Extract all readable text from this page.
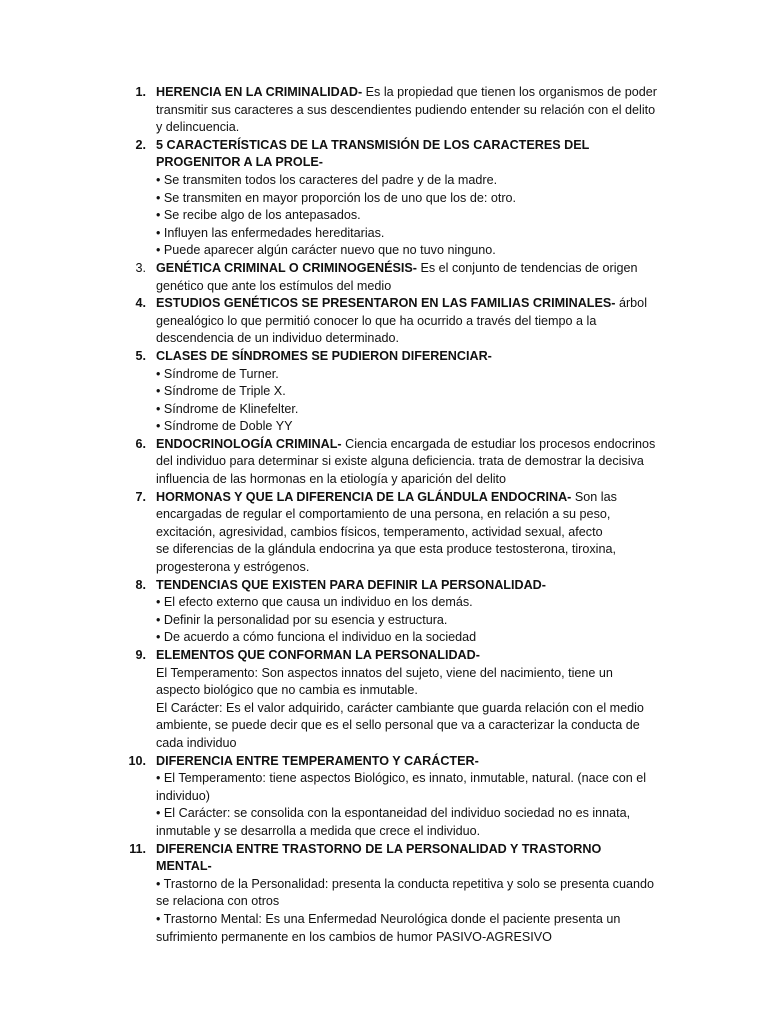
1. HERENCIA EN LA CRIMINALIDAD- Es la propiedad que tienen los organismos de poder transmitir sus caracteres a sus descendientes pudiendo entender su relación con el delito y delincuencia.
2. 5 CARACTERÍSTICAS DE LA TRANSMISIÓN DE LOS CARACTERES DEL PROGENITOR A LA PROLE-
• Se transmiten todos los caracteres del padre y de la madre.
• Se transmiten en mayor proporción los de uno que los de: otro.
• Se recibe algo de los antepasados.
• Influyen las enfermedades hereditarias.
• Puede aparecer algún carácter nuevo que no tuvo ninguno.
3. GENÉTICA CRIMINAL O CRIMINOGENÉSIS- Es el conjunto de tendencias de origen genético que ante los estímulos del medio
4. ESTUDIOS GENÉTICOS SE PRESENTARON EN LAS FAMILIAS CRIMINALES- árbol genealógico lo que permitió conocer lo que ha ocurrido a través del tiempo a la descendencia de un individuo determinado.
5. CLASES DE SÍNDROMES SE PUDIERON DIFERENCIAR-
• Síndrome de Turner.
• Síndrome de Triple X.
• Síndrome de Klinefelter.
• Síndrome de Doble YY
6. ENDOCRINOLOGÍA CRIMINAL- Ciencia encargada de estudiar los procesos endocrinos del individuo para determinar si existe alguna deficiencia. trata de demostrar la decisiva influencia de las hormonas en la etiología y aparición del delito
7. HORMONAS Y QUE LA DIFERENCIA DE LA GLÁNDULA ENDOCRINA- Son las encargadas de regular el comportamiento de una persona, en relación a su peso, excitación, agresividad, cambios físicos, temperamento, actividad sexual, afecto
se diferencias de la glándula endocrina ya que esta produce testosterona, tiroxina, progesterona y estrógenos.
8. TENDENCIAS QUE EXISTEN PARA DEFINIR LA PERSONALIDAD-
• El efecto externo que causa un individuo en los demás.
• Definir la personalidad por su esencia y estructura.
• De acuerdo a cómo funciona el individuo en la sociedad
9. ELEMENTOS QUE CONFORMAN LA PERSONALIDAD-
El Temperamento: Son aspectos innatos del sujeto, viene del nacimiento, tiene un aspecto biológico que no cambia es inmutable.
El Carácter: Es el valor adquirido, carácter cambiante que guarda relación con el medio ambiente, se puede decir que es el sello personal que va a caracterizar la conducta de cada individuo
10. DIFERENCIA ENTRE TEMPERAMENTO Y CARÁCTER-
• El Temperamento: tiene aspectos Biológico, es innato, inmutable, natural. (nace con el individuo)
• El Carácter: se consolida con la espontaneidad del individuo sociedad no es innata, inmutable y se desarrolla a medida que crece el individuo.
11. DIFERENCIA ENTRE TRASTORNO DE LA PERSONALIDAD Y TRASTORNO MENTAL-
• Trastorno de la Personalidad: presenta la conducta repetitiva y solo se presenta cuando se relaciona con otros
• Trastorno Mental: Es una Enfermedad Neurológica donde el paciente presenta un sufrimiento permanente en los cambios de humor PASIVO-AGRESIVO
